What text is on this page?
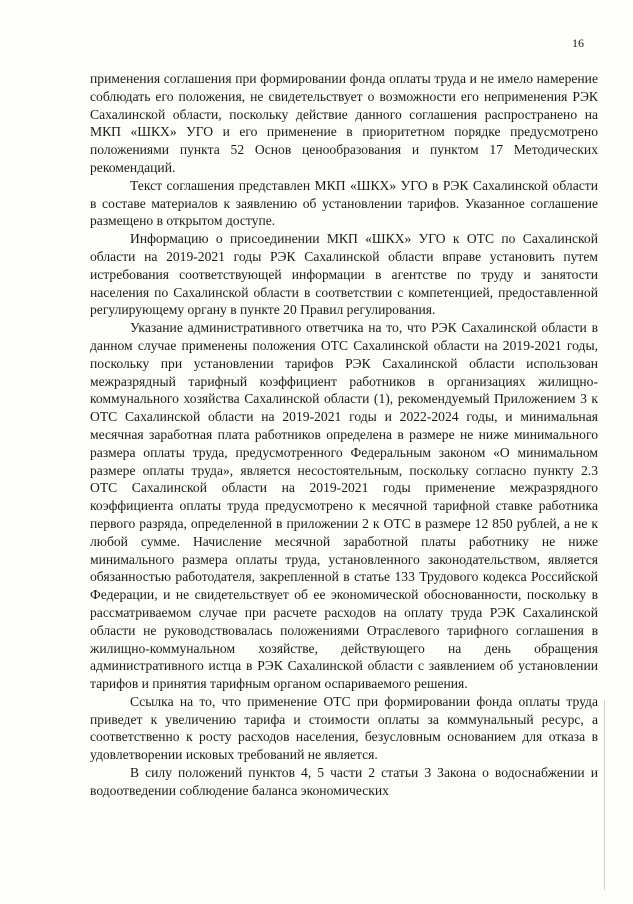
16

применения соглашения при формировании фонда оплаты труда и не имело намерение соблюдать его положения, не свидетельствует о возможности его неприменения РЭК Сахалинской области, поскольку действие данного соглашения распространено на МКП «ШКХ» УГО и его применение в приоритетном порядке предусмотрено положениями пункта 52 Основ ценообразования и пунктом 17 Методических рекомендаций.

Текст соглашения представлен МКП «ШКХ» УГО в РЭК Сахалинской области в составе материалов к заявлению об установлении тарифов. Указанное соглашение размещено в открытом доступе.

Информацию о присоединении МКП «ШКХ» УГО к ОТС по Сахалинской области на 2019-2021 годы РЭК Сахалинской области вправе установить путем истребования соответствующей информации в агентстве по труду и занятости населения по Сахалинской области в соответствии с компетенцией, предоставленной регулирующему органу в пункте 20 Правил регулирования.

Указание административного ответчика на то, что РЭК Сахалинской области в данном случае применены положения ОТС Сахалинской области на 2019-2021 годы, поскольку при установлении тарифов РЭК Сахалинской области использован межразрядный тарифный коэффициент работников в организациях жилищно-коммунального хозяйства Сахалинской области (1), рекомендуемый Приложением 3 к ОТС Сахалинской области на 2019-2021 годы и 2022-2024 годы, и минимальная месячная заработная плата работников определена в размере не ниже минимального размера оплаты труда, предусмотренного Федеральным законом «О минимальном размере оплаты труда», является несостоятельным, поскольку согласно пункту 2.3 ОТС Сахалинской области на 2019-2021 годы применение межразрядного коэффициента оплаты труда предусмотрено к месячной тарифной ставке работника первого разряда, определенной в приложении 2 к ОТС в размере 12 850 рублей, а не к любой сумме. Начисление месячной заработной платы работнику не ниже минимального размера оплаты труда, установленного законодательством, является обязанностью работодателя, закрепленной в статье 133 Трудового кодекса Российской Федерации, и не свидетельствует об ее экономической обоснованности, поскольку в рассматриваемом случае при расчете расходов на оплату труда РЭК Сахалинской области не руководствовалась положениями Отраслевого тарифного соглашения в жилищно-коммунальном хозяйстве, действующего на день обращения административного истца в РЭК Сахалинской области с заявлением об установлении тарифов и принятия тарифным органом оспариваемого решения.

Ссылка на то, что применение ОТС при формировании фонда оплаты труда приведет к увеличению тарифа и стоимости оплаты за коммунальный ресурс, а соответственно к росту расходов населения, безусловным основанием для отказа в удовлетворении исковых требований не является.

В силу положений пунктов 4, 5 части 2 статьи 3 Закона о водоснабжении и водоотведении соблюдение баланса экономических
